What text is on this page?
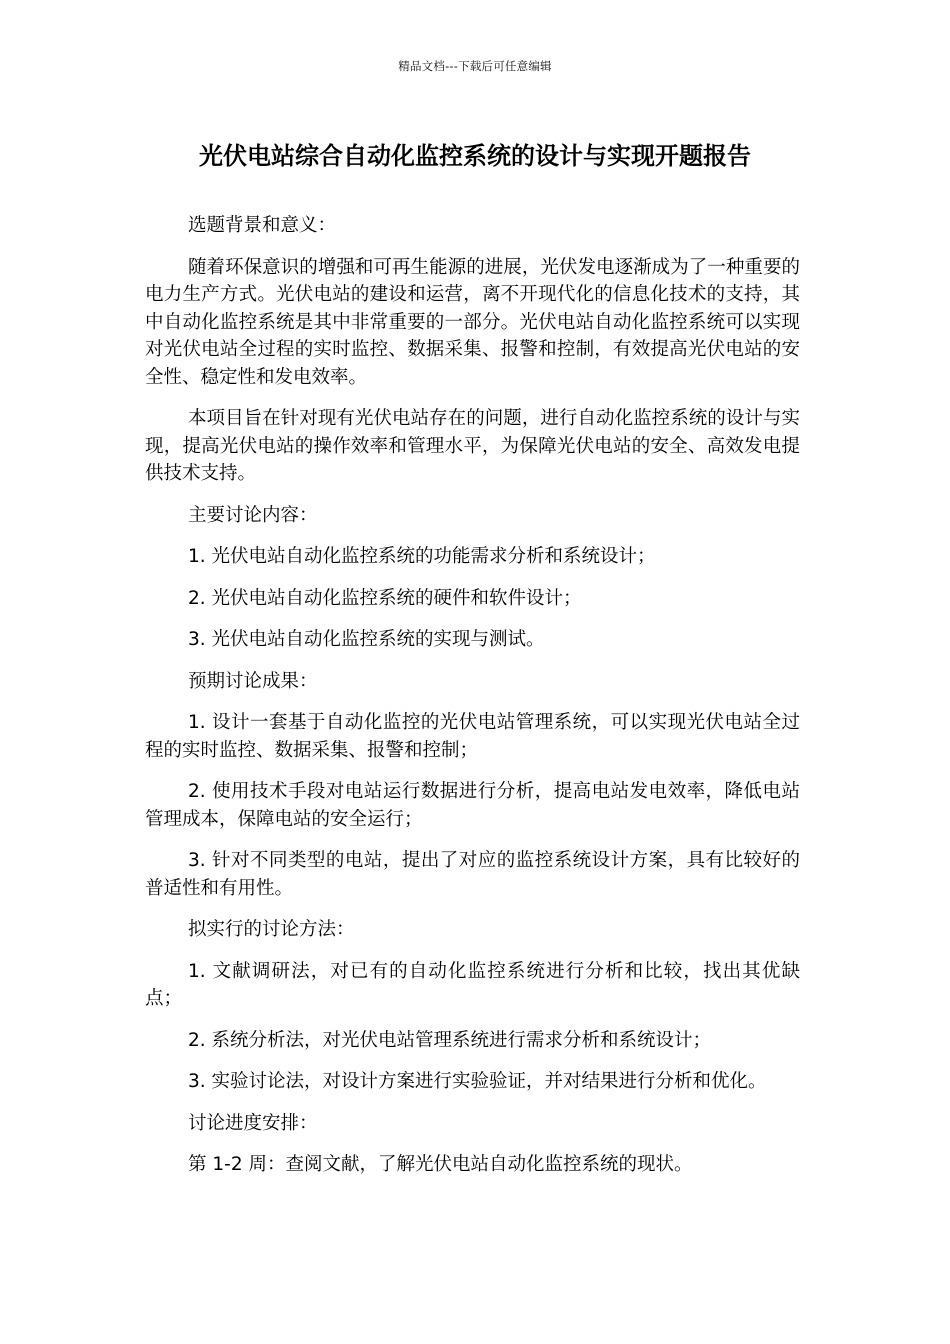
精品文档---下载后可任意编辑
光伏电站综合自动化监控系统的设计与实现开题报告

选题背景和意义：

随着环保意识的增强和可再生能源的进展，光伏发电逐渐成为了一种重要的电力生产方式。光伏电站的建设和运营，离不开现代化的信息化技术的支持，其中自动化监控系统是其中非常重要的一部分。光伏电站自动化监控系统可以实现对光伏电站全过程的实时监控、数据采集、报警和控制，有效提高光伏电站的安全性、稳定性和发电效率。

本项目旨在针对现有光伏电站存在的问题，进行自动化监控系统的设计与实现，提高光伏电站的操作效率和管理水平，为保障光伏电站的安全、高效发电提供技术支持。

主要讨论内容：

1. 光伏电站自动化监控系统的功能需求分析和系统设计；

2. 光伏电站自动化监控系统的硬件和软件设计；

3. 光伏电站自动化监控系统的实现与测试。

预期讨论成果：

1. 设计一套基于自动化监控的光伏电站管理系统，可以实现光伏电站全过程的实时监控、数据采集、报警和控制；

2. 使用技术手段对电站运行数据进行分析，提高电站发电效率，降低电站管理成本，保障电站的安全运行；

3. 针对不同类型的电站，提出了对应的监控系统设计方案，具有比较好的普适性和有用性。

拟实行的讨论方法：

1. 文献调研法，对已有的自动化监控系统进行分析和比较，找出其优缺点；

2. 系统分析法，对光伏电站管理系统进行需求分析和系统设计；

3. 实验讨论法，对设计方案进行实验验证，并对结果进行分析和优化。

讨论进度安排：

第 1-2 周：查阅文献，了解光伏电站自动化监控系统的现状。
